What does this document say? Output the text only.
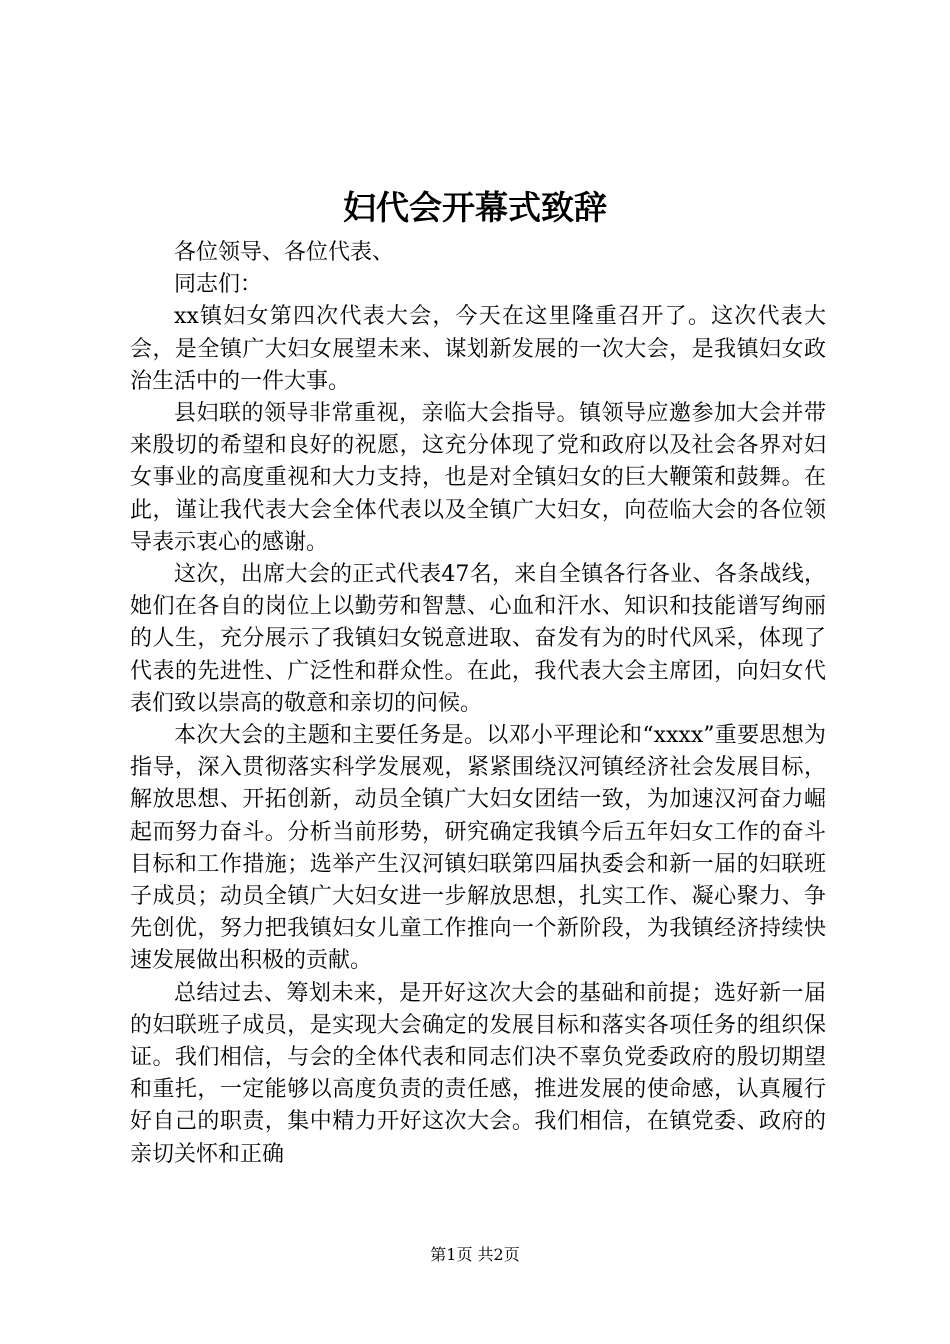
妇代会开幕式致辞

各位领导、各位代表、

同志们：

xx镇妇女第四次代表大会，今天在这里隆重召开了。这次代表大会，是全镇广大妇女展望未来、谋划新发展的一次大会，是我镇妇女政治生活中的一件大事。

县妇联的领导非常重视，亲临大会指导。镇领导应邀参加大会并带来殷切的希望和良好的祝愿，这充分体现了党和政府以及社会各界对妇女事业的高度重视和大力支持，也是对全镇妇女的巨大鞭策和鼓舞。在此，谨让我代表大会全体代表以及全镇广大妇女，向莅临大会的各位领导表示衷心的感谢。

这次，出席大会的正式代表47名，来自全镇各行各业、各条战线，她们在各自的岗位上以勤劳和智慧、心血和汗水、知识和技能谱写绚丽的人生，充分展示了我镇妇女锐意进取、奋发有为的时代风采，体现了代表的先进性、广泛性和群众性。在此，我代表大会主席团，向妇女代表们致以崇高的敬意和亲切的问候。

本次大会的主题和主要任务是。以邓小平理论和“xxxx”重要思想为指导，深入贯彻落实科学发展观，紧紧围绕汉河镇经济社会发展目标，解放思想、开拓创新，动员全镇广大妇女团结一致，为加速汉河奋力崛起而努力奋斗。分析当前形势，研究确定我镇今后五年妇女工作的奋斗目标和工作措施；选举产生汉河镇妇联第四届执委会和新一届的妇联班子成员；动员全镇广大妇女进一步解放思想，扎实工作、凝心聚力、争先创优，努力把我镇妇女儿童工作推向一个新阶段，为我镇经济持续快速发展做出积极的贡献。

总结过去、筹划未来，是开好这次大会的基础和前提；选好新一届的妇联班子成员，是实现大会确定的发展目标和落实各项任务的组织保证。我们相信，与会的全体代表和同志们决不辜负党委政府的殷切期望和重托，一定能够以高度负责的责任感，推进发展的使命感，认真履行好自己的职责，集中精力开好这次大会。我们相信，在镇党委、政府的亲切关怀和正确

第1页 共2页
